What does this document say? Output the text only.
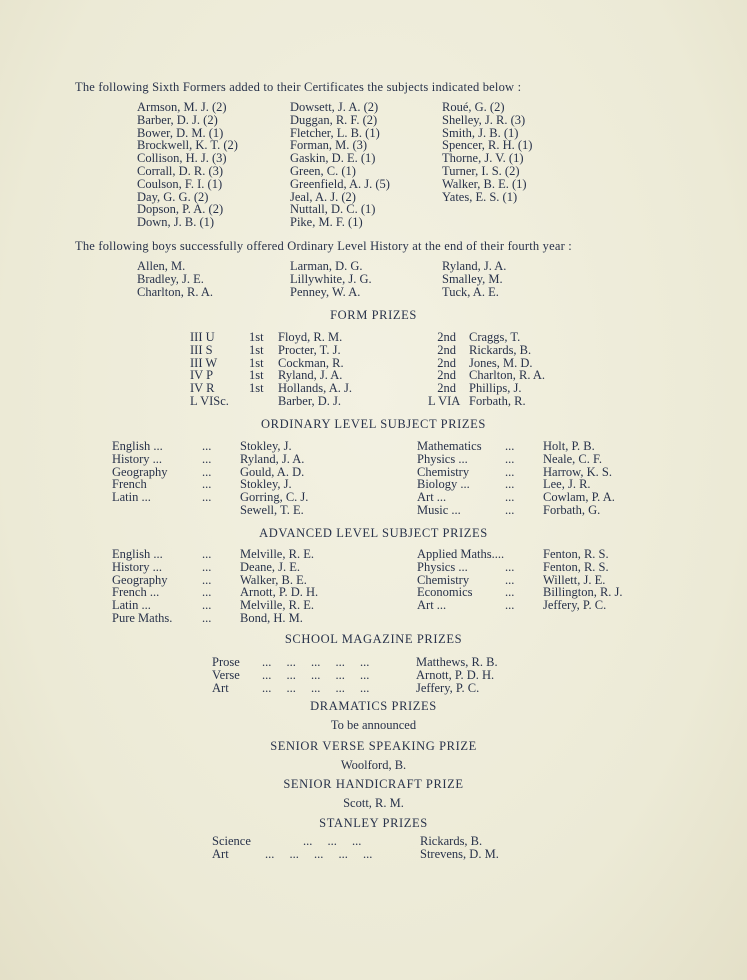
The following Sixth Formers added to their Certificates the subjects indicated below :
Armson, M. J. (2)
Barber, D. J. (2)
Bower, D. M. (1)
Brockwell, K. T. (2)
Collison, H. J. (3)
Corrall, D. R. (3)
Coulson, F. I. (1)
Day, G. G. (2)
Dopson, P. A. (2)
Down, J. B. (1)
Dowsett, J. A. (2)
Duggan, R. F. (2)
Fletcher, L. B. (1)
Forman, M. (3)
Gaskin, D. E. (1)
Green, C. (1)
Greenfield, A. J. (5)
Jeal, A. J. (2)
Nuttall, D. C. (1)
Pike, M. F. (1)
Roué, G. (2)
Shelley, J. R. (3)
Smith, J. B. (1)
Spencer, R. H. (1)
Thorne, J. V. (1)
Turner, I. S. (2)
Walker, B. E. (1)
Yates, E. S. (1)
The following boys successfully offered Ordinary Level History at the end of their fourth year :
Allen, M.
Bradley, J. E.
Charlton, R. A.
Larman, D. G.
Lillywhite, J. G.
Penney, W. A.
Ryland, J. A.
Smalley, M.
Tuck, A. E.
FORM PRIZES
III U
III S
III W
IV P
IV R
L VISc.
1st
1st
1st
1st
1st
Floyd, R. M.
Procter, T. J.
Cockman, R.
Ryland, J. A.
Hollands, A. J.
Barber, D. J.
2nd
2nd
2nd
2nd
2nd
L VIA
Craggs, T.
Rickards, B.
Jones, M. D.
Charlton, R. A.
Phillips, J.
Forbath, R.
ORDINARY LEVEL SUBJECT PRIZES
English ...
History ...
Geography
French
Latin ...
...
...
...
...
...
Stokley, J.
Ryland, J. A.
Gould, A. D.
Stokley, J.
Gorring, C. J.
Sewell, T. E.
Mathematics
Physics ...
Chemistry
Biology ...
Art ...
Music ...
...
...
...
...
...
...
Holt, P. B.
Neale, C. F.
Harrow, K. S.
Lee, J. R.
Cowlam, P. A.
Forbath, G.
ADVANCED LEVEL SUBJECT PRIZES
English ...
History ...
Geography
French ...
Latin ...
Pure Maths.
...
...
...
...
...
...
Melville, R. E.
Deane, J. E.
Walker, B. E.
Arnott, P. D. H.
Melville, R. E.
Bond, H. M.
Applied Maths....
Physics ...
Chemistry
Economics
Art ...

...
...
...
...
Fenton, R. S.
Fenton, R. S.
Willett, J. E.
Billington, R. J.
Jeffery, P. C.
SCHOOL MAGAZINE PRIZES
Prose
Verse
Art
... ... ... ... ...
... ... ... ... ...
... ... ... ... ...
Matthews, R. B.
Arnott, P. D. H.
Jeffery, P. C.
DRAMATICS PRIZES
To be announced
SENIOR VERSE SPEAKING PRIZE
Woolford, B.
SENIOR HANDICRAFT PRIZE
Scott, R. M.
STANLEY PRIZES
Science
Art
... ... ...
... ... ... ... ...
Rickards, B.
Strevens, D. M.
